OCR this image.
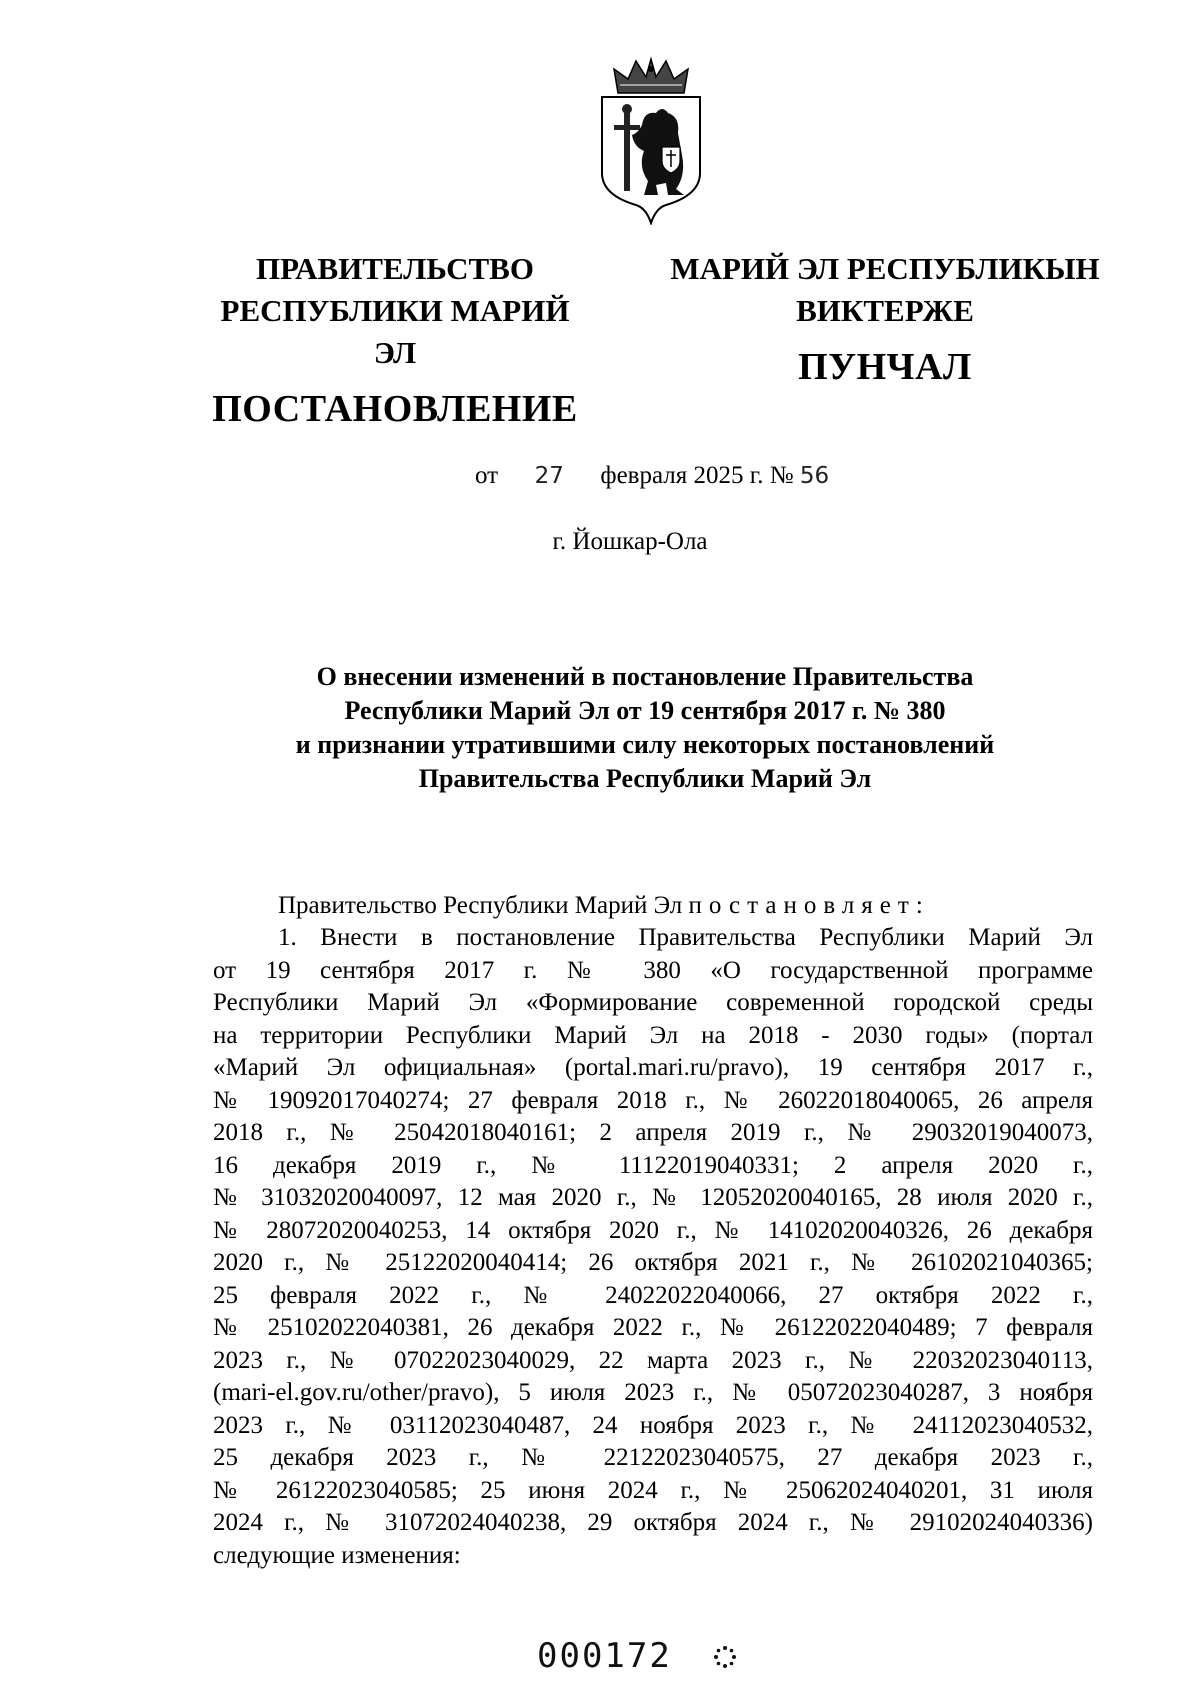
ПРАВИТЕЛЬСТВО
РЕСПУБЛИКИ МАРИЙ ЭЛ
ПОСТАНОВЛЕНИЕ
МАРИЙ ЭЛ РЕСПУБЛИКЫН
ВИКТЕРЖЕ
ПУНЧАЛ
от 27 февраля 2025 г. № 56
г. Йошкар-Ола
О внесении изменений в постановление Правительства
Республики Марий Эл от 19 сентября 2017 г. № 380
и признании утратившими силу некоторых постановлений
Правительства Республики Марий Эл
Правительство Республики Марий Эл постановляет:
1. Внести в постановление Правительства Республики Марий Эл
от 19 сентября 2017 г. № 380 «О государственной программе
Республики Марий Эл «Формирование современной городской среды
на территории Республики Марий Эл на 2018 - 2030 годы» (портал
«Марий Эл официальная» (portal.mari.ru/pravo), 19 сентября 2017 г.,
№ 19092017040274; 27 февраля 2018 г., № 26022018040065, 26 апреля
2018 г., № 25042018040161; 2 апреля 2019 г., № 29032019040073,
16 декабря 2019 г., № 11122019040331; 2 апреля 2020 г.,
№ 31032020040097, 12 мая 2020 г., № 12052020040165, 28 июля 2020 г.,
№ 28072020040253, 14 октября 2020 г., № 14102020040326, 26 декабря
2020 г., № 25122020040414; 26 октября 2021 г., № 26102021040365;
25 февраля 2022 г., № 24022022040066, 27 октября 2022 г.,
№ 25102022040381, 26 декабря 2022 г., № 26122022040489; 7 февраля
2023 г., № 07022023040029, 22 марта 2023 г., № 22032023040113,
(mari-el.gov.ru/other/pravo), 5 июля 2023 г., № 05072023040287, 3 ноября
2023 г., № 03112023040487, 24 ноября 2023 г., № 24112023040532,
25 декабря 2023 г., № 22122023040575, 27 декабря 2023 г.,
№ 26122023040585; 25 июня 2024 г., № 25062024040201, 31 июля
2024 г., № 31072024040238, 29 октября 2024 г., № 29102024040336)
следующие изменения:
000172
